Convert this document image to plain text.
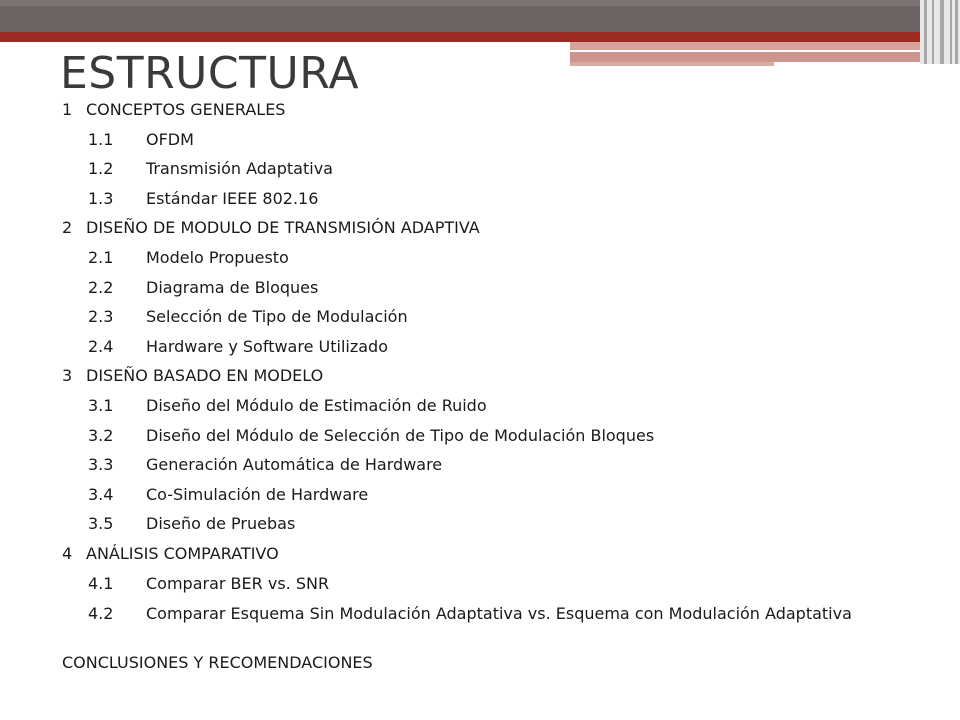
ESTRUCTURA
1 CONCEPTOS GENERALES
1.1 OFDM
1.2 Transmisión Adaptativa
1.3 Estándar IEEE 802.16
2 DISEÑO DE MODULO DE TRANSMISIÓN ADAPTIVA
2.1 Modelo Propuesto
2.2 Diagrama de Bloques
2.3 Selección de Tipo de Modulación
2.4 Hardware y Software Utilizado
3 DISEÑO BASADO EN MODELO
3.1 Diseño del Módulo de Estimación de Ruido
3.2 Diseño del Módulo de Selección de Tipo de Modulación Bloques
3.3 Generación Automática de Hardware
3.4 Co-Simulación de Hardware
3.5 Diseño de Pruebas
4 ANÁLISIS COMPARATIVO
4.1 Comparar BER vs. SNR
4.2 Comparar Esquema Sin Modulación Adaptativa vs. Esquema con Modulación Adaptativa
CONCLUSIONES Y RECOMENDACIONES
